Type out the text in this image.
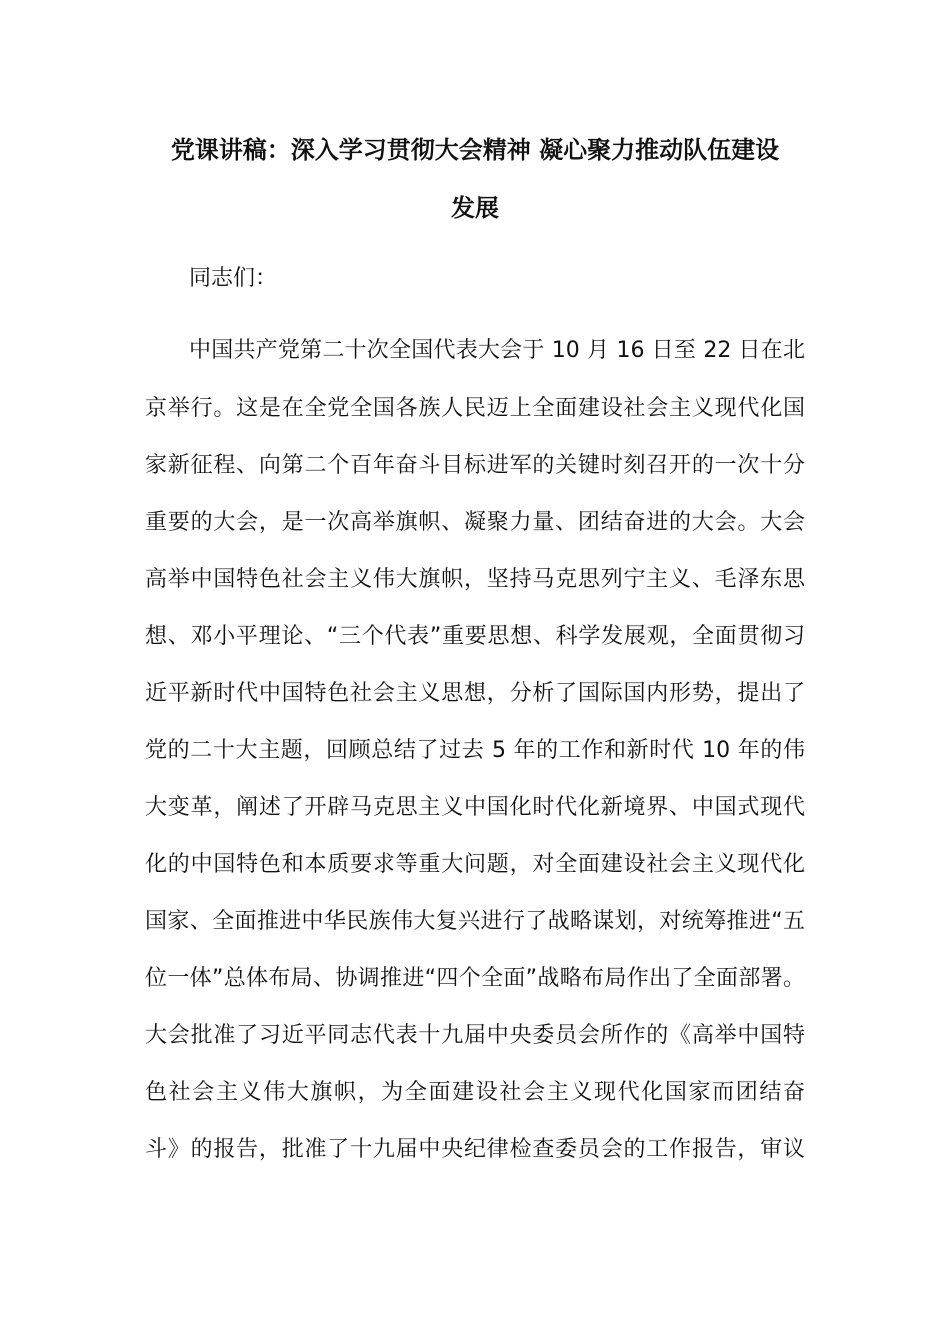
党课讲稿：深入学习贯彻大会精神 凝心聚力推动队伍建设
发展
同志们：
中国共产党第二十次全国代表大会于 10 月 16 日至 22 日在北
京举行。这是在全党全国各族人民迈上全面建设社会主义现代化国
家新征程、向第二个百年奋斗目标进军的关键时刻召开的一次十分
重要的大会，是一次高举旗帜、凝聚力量、团结奋进的大会。大会
高举中国特色社会主义伟大旗帜，坚持马克思列宁主义、毛泽东思
想、邓小平理论、“三个代表”重要思想、科学发展观，全面贯彻习
近平新时代中国特色社会主义思想，分析了国际国内形势，提出了
党的二十大主题，回顾总结了过去 5 年的工作和新时代 10 年的伟
大变革，阐述了开辟马克思主义中国化时代化新境界、中国式现代
化的中国特色和本质要求等重大问题，对全面建设社会主义现代化
国家、全面推进中华民族伟大复兴进行了战略谋划，对统筹推进“五
位一体”总体布局、协调推进“四个全面”战略布局作出了全面部署。
大会批准了习近平同志代表十九届中央委员会所作的《高举中国特
色社会主义伟大旗帜，为全面建设社会主义现代化国家而团结奋
斗》的报告，批准了十九届中央纪律检查委员会的工作报告，审议
